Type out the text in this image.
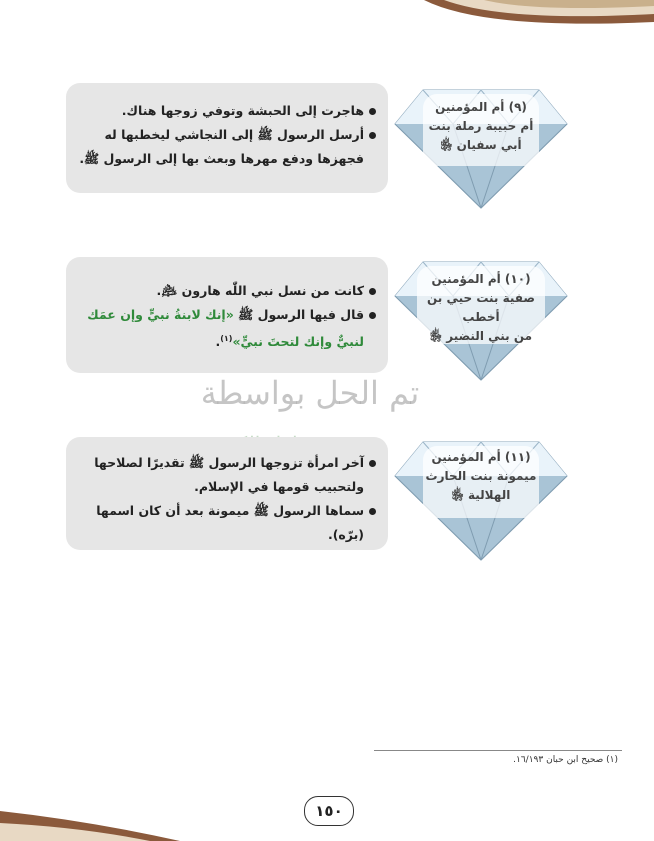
هاجرت إلى الحبشة وتوفي زوجها هناك.
أرسل الرسول ﷺ إلى النجاشي ليخطبها له فجهزها ودفع مهرها وبعث بها إلى الرسول ﷺ.
(٩) أم المؤمنين
أم حبيبة رملة بنت
أبي سفيان ﵂
كانت من نسل نبي اللّٰه هارون ﵇.
قال فيها الرسول ﷺ «إنك لابنةُ نبيٍّ وإن عمَك لنبيٌّ وإنك لتحتَ نبيٍّ»$^{(١)}$.
(١٠) أم المؤمنين
صفية بنت حيي بن أخطب
من بني النضير ﵂
تم الحل بواسطة
آخر امرأة تزوجها الرسول ﷺ تقديرًا لصلاحها ولتحبيب قومها في الإسلام.
سماها الرسول ﷺ ميمونة بعد أن كان اسمها (برّه).
(١١) أم المؤمنين
ميمونة بنت الحارث
الهلالية ﵂
(١) صحيح ابن حبان ١٦/١٩٣.
١٥٠
